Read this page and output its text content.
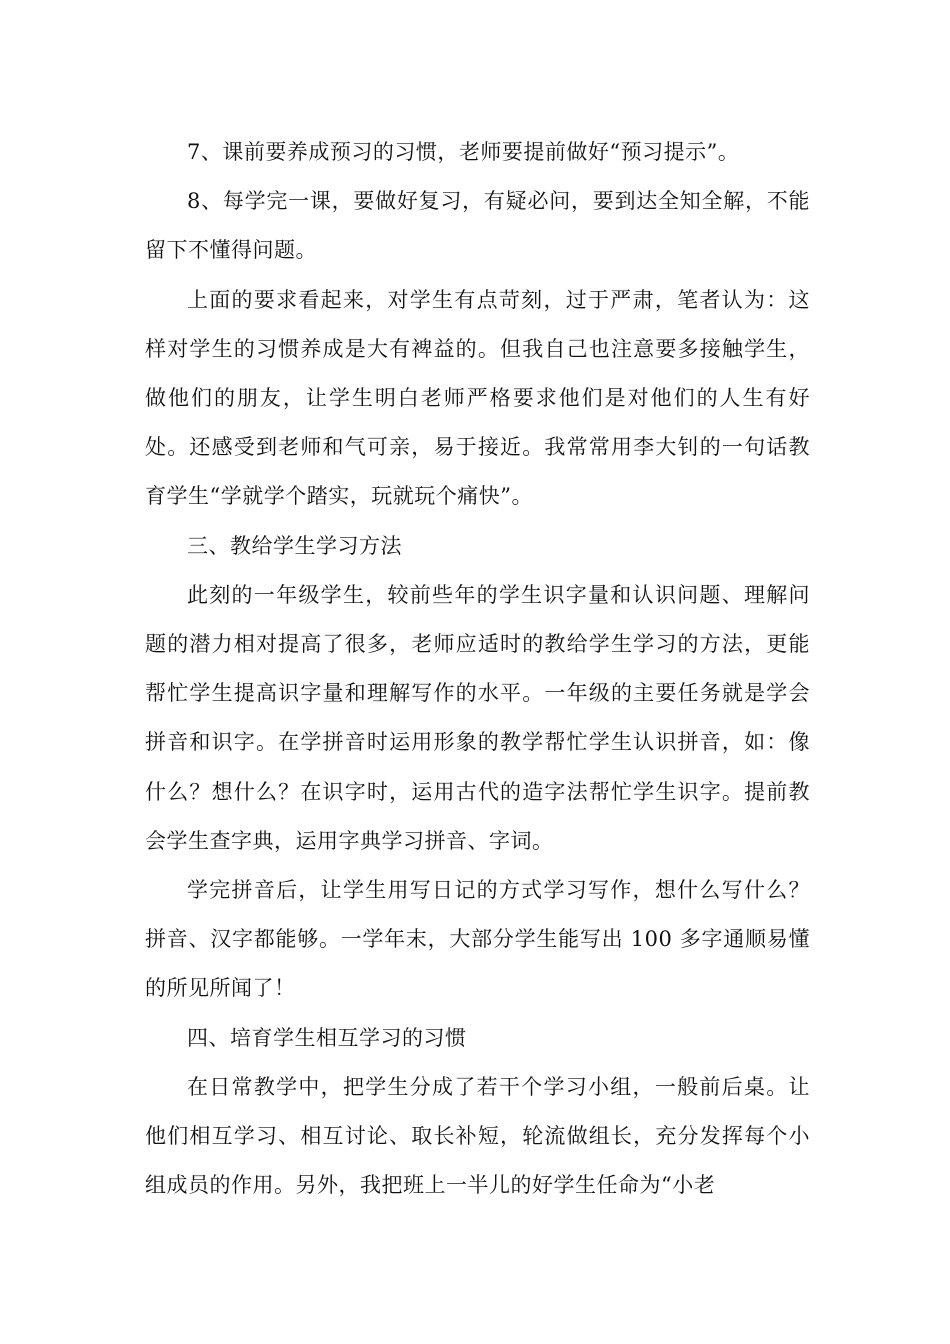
7、课前要养成预习的习惯，老师要提前做好“预习提示”。

8、每学完一课，要做好复习，有疑必问，要到达全知全解，不能留下不懂得问题。

上面的要求看起来，对学生有点苛刻，过于严肃，笔者认为：这样对学生的习惯养成是大有裨益的。但我自己也注意要多接触学生，做他们的朋友，让学生明白老师严格要求他们是对他们的人生有好处。还感受到老师和气可亲，易于接近。我常常用李大钊的一句话教育学生“学就学个踏实，玩就玩个痛快”。

三、教给学生学习方法

此刻的一年级学生，较前些年的学生识字量和认识问题、理解问题的潜力相对提高了很多，老师应适时的教给学生学习的方法，更能帮忙学生提高识字量和理解写作的水平。一年级的主要任务就是学会拼音和识字。在学拼音时运用形象的教学帮忙学生认识拼音，如：像什么？想什么？在识字时，运用古代的造字法帮忙学生识字。提前教会学生查字典，运用字典学习拼音、字词。

学完拼音后，让学生用写日记的方式学习写作，想什么写什么？拼音、汉字都能够。一学年末，大部分学生能写出 100 多字通顺易懂的所见所闻了！

四、培育学生相互学习的习惯

在日常教学中，把学生分成了若干个学习小组，一般前后桌。让他们相互学习、相互讨论、取长补短，轮流做组长，充分发挥每个小组成员的作用。另外，我把班上一半儿的好学生任命为“小老
